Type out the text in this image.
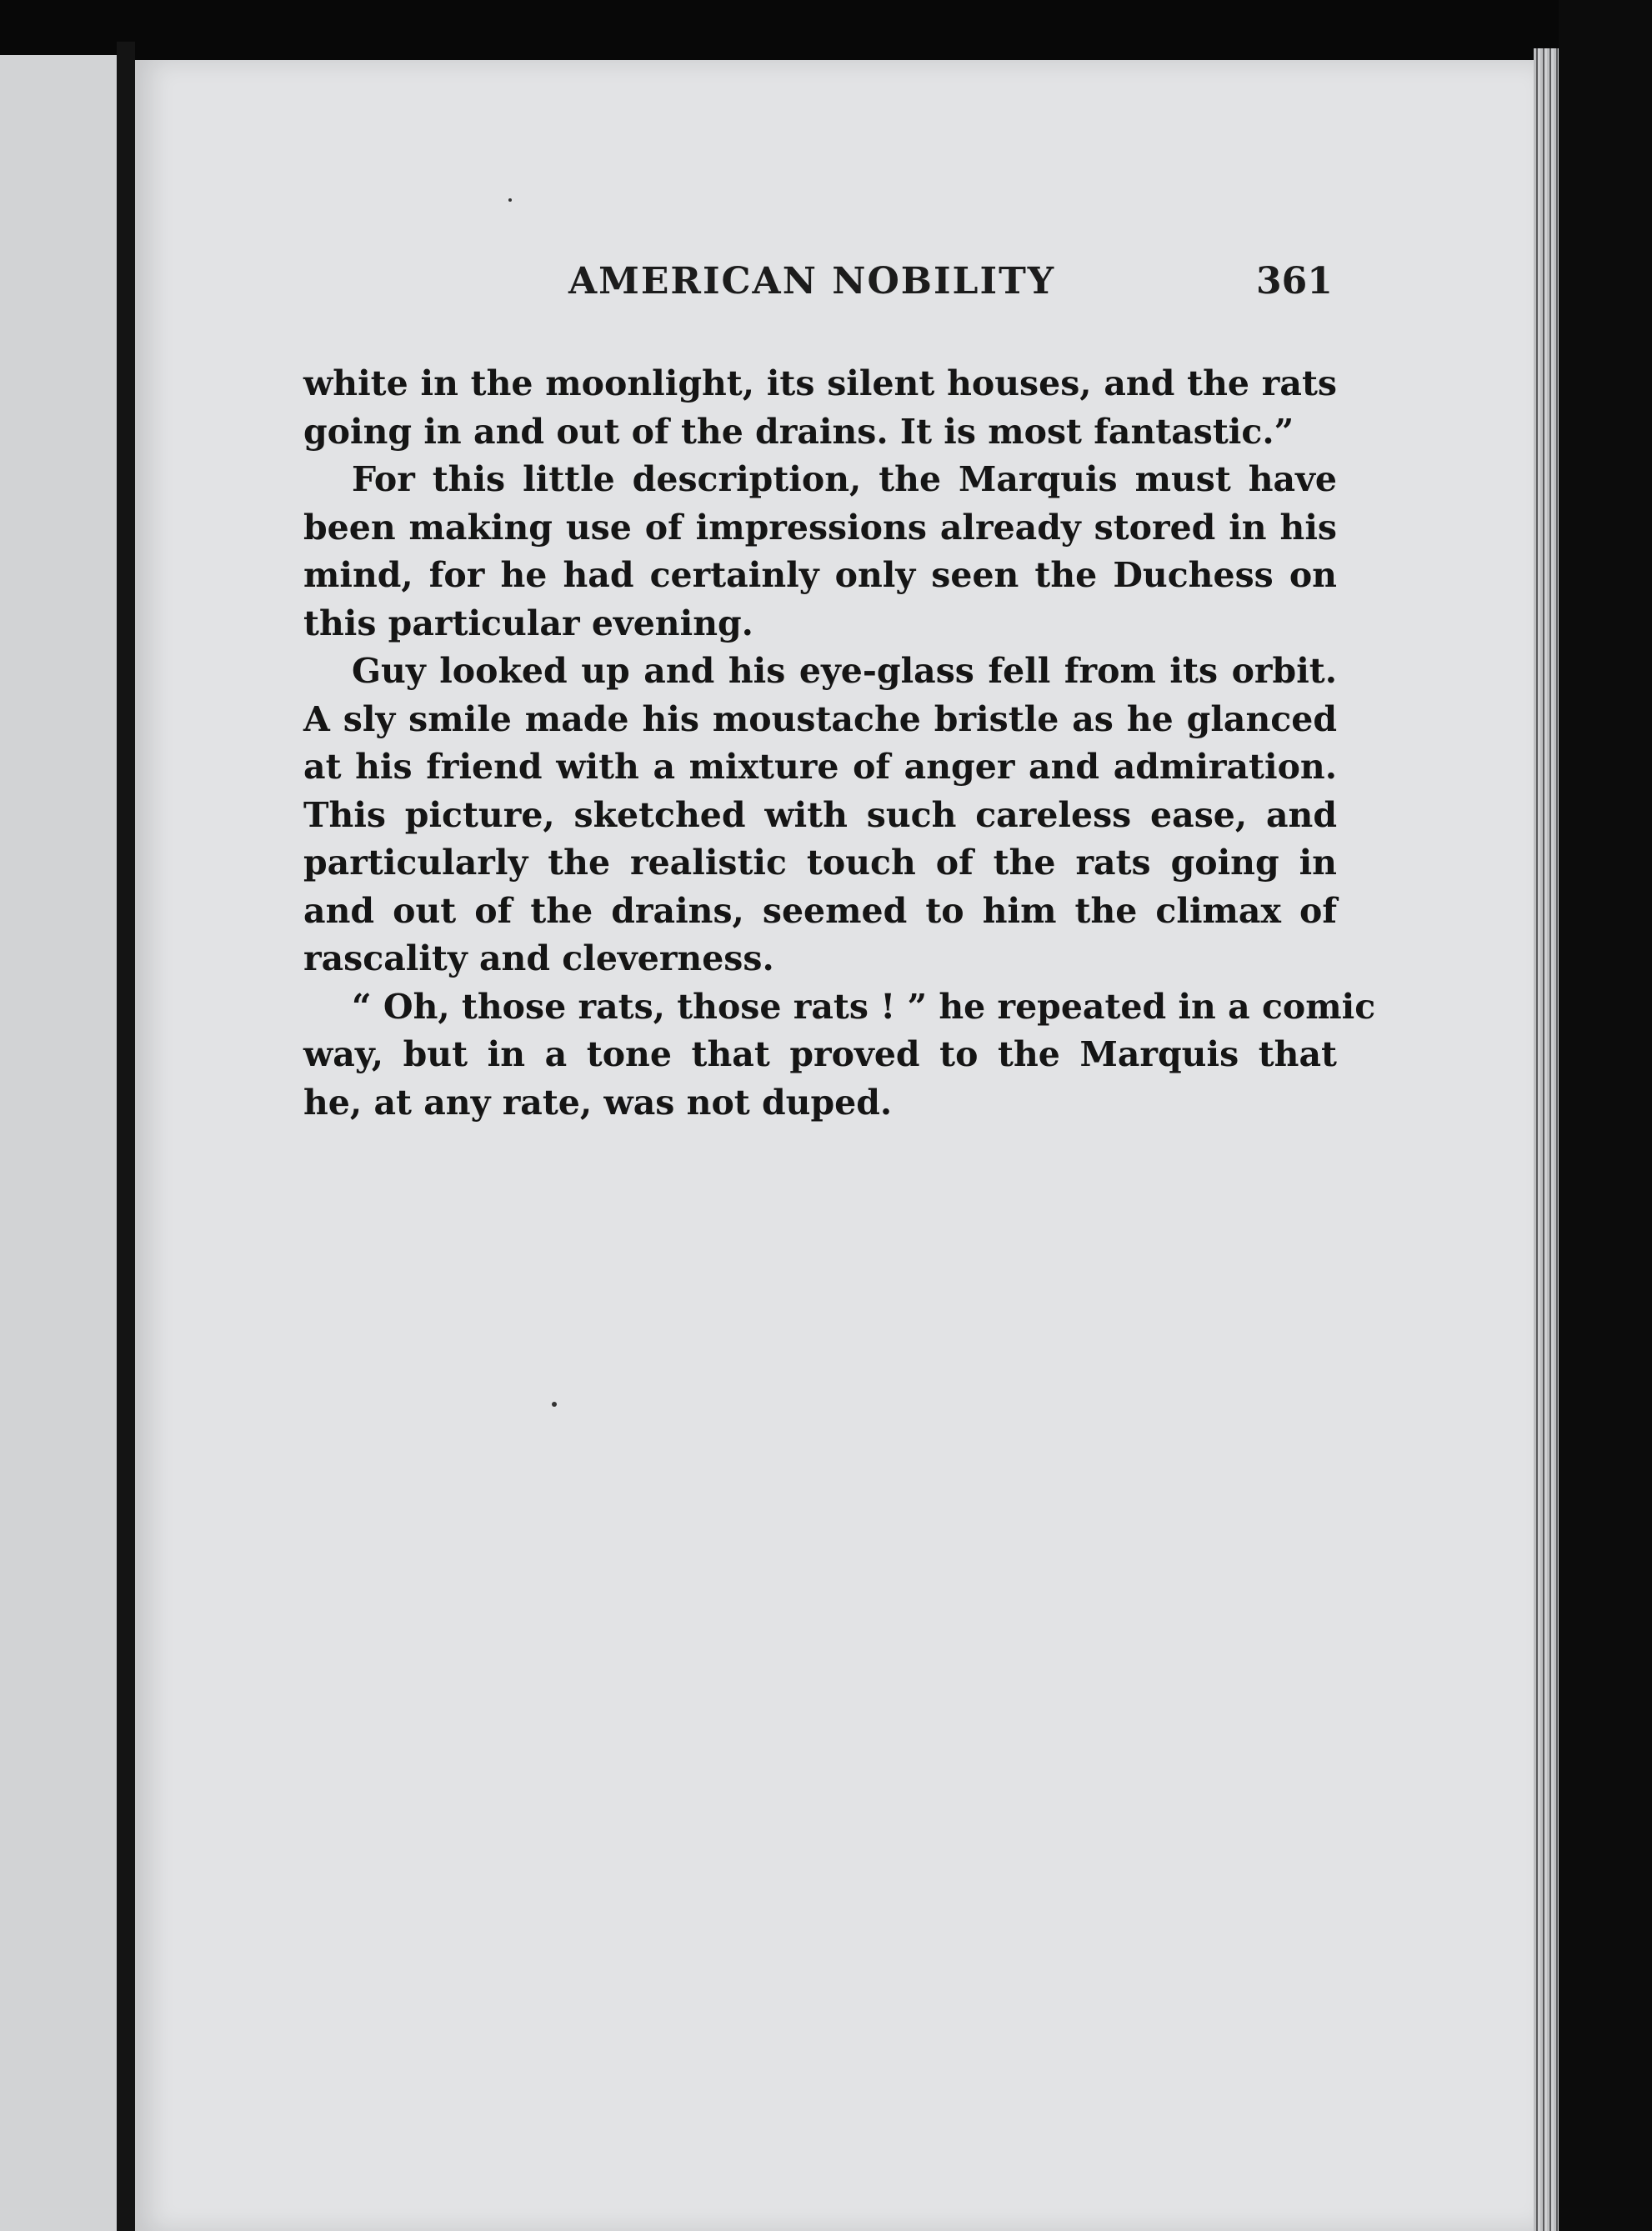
AMERICAN NOBILITY	361
white in the moonlight, its silent houses, and the rats
going in and out of the drains. It is most fantastic.”
For this little description, the Marquis must have
been making use of impressions already stored in his
mind, for he had certainly only seen the Duchess on
this particular evening.
Guy looked up and his eye-glass fell from its orbit.
A sly smile made his moustache bristle as he glanced
at his friend with a mixture of anger and admiration.
This picture, sketched with such careless ease, and
particularly the realistic touch of the rats going in
and out of the drains, seemed to him the climax of
rascality and cleverness.
“ Oh, those rats, those rats ! ” he repeated in a comic
way, but in a tone that proved to the Marquis that
he, at any rate, was not duped.
